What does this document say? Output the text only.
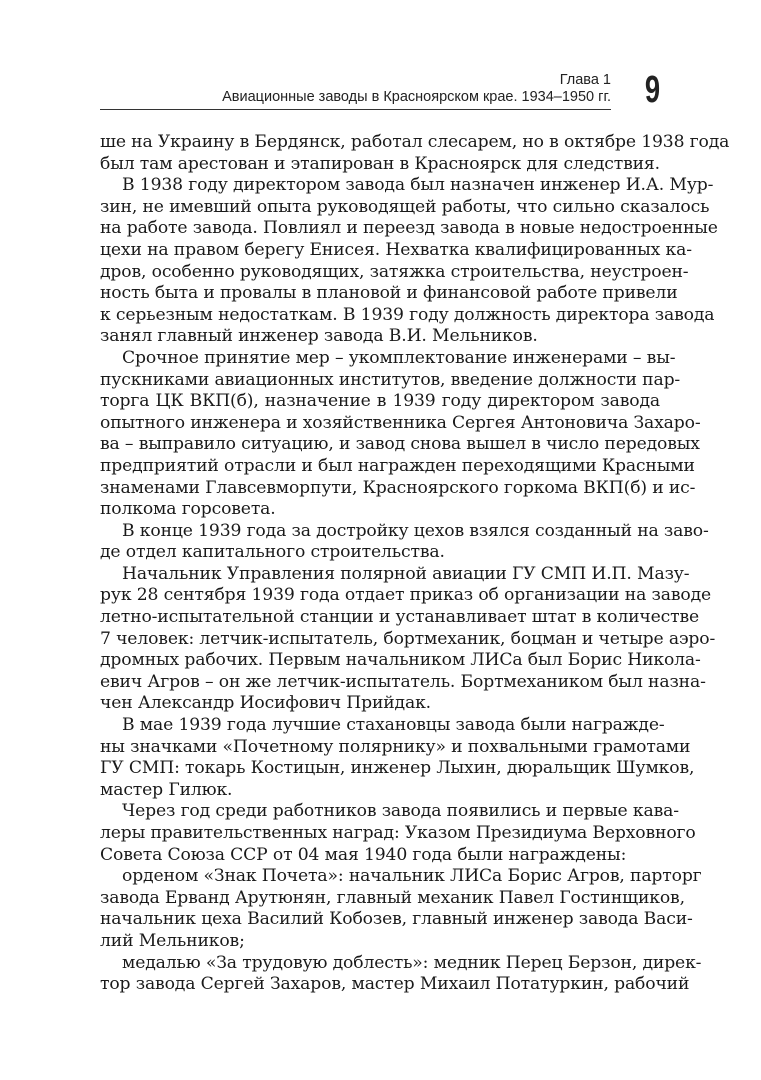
Глава 1
Авиационные заводы в Красноярском крае. 1934–1950 гг. 9

ше на Украину в Бердянск, работал слесарем, но в октябре 1938 года
был там арестован и этапирован в Красноярск для следствия.

В 1938 году директором завода был назначен инженер И.А. Мур-
зин, не имевший опыта руководящей работы, что сильно сказалось
на работе завода. Повлиял и переезд завода в новые недостроенные
цехи на правом берегу Енисея. Нехватка квалифицированных ка-
дров, особенно руководящих, затяжка строительства, неустроен-
ность быта и провалы в плановой и финансовой работе привели
к серьезным недостаткам. В 1939 году должность директора завода
занял главный инженер завода В.И. Мельников.

Срочное принятие мер – укомплектование инженерами – вы-
пускниками авиационных институтов, введение должности пар-
торга ЦК ВКП(б), назначение в 1939 году директором завода
опытного инженера и хозяйственника Сергея Антоновича Захаро-
ва – выправило ситуацию, и завод снова вышел в число передовых
предприятий отрасли и был награжден переходящими Красными
знаменами Главсевморпути, Красноярского горкома ВКП(б) и ис-
полкома горсовета.

В конце 1939 года за достройку цехов взялся созданный на заво-
де отдел капитального строительства.

Начальник Управления полярной авиации ГУ СМП И.П. Мазу-
рук 28 сентября 1939 года отдает приказ об организации на заводе
летно-испытательной станции и устанавливает штат в количестве
7 человек: летчик-испытатель, бортмеханик, боцман и четыре аэро-
дромных рабочих. Первым начальником ЛИСа был Борис Никола-
евич Агров – он же летчик-испытатель. Бортмехаником был назна-
чен Александр Иосифович Прийдак.

В мае 1939 года лучшие стахановцы завода были награжде-
ны значками «Почетному полярнику» и похвальными грамотами
ГУ СМП: токарь Костицын, инженер Лыхин, дюральщик Шумков,
мастер Гилюк.

Через год среди работников завода появились и первые кава-
леры правительственных наград: Указом Президиума Верховного
Совета Союза ССР от 04 мая 1940 года были награждены:

орденом «Знак Почета»: начальник ЛИСа Борис Агров, парторг
завода Ерванд Арутюнян, главный механик Павел Гостинщиков,
начальник цеха Василий Кобозев, главный инженер завода Васи-
лий Мельников;

медалью «За трудовую доблесть»: медник Перец Берзон, дирек-
тор завода Сергей Захаров, мастер Михаил Потатуркин, рабочий
